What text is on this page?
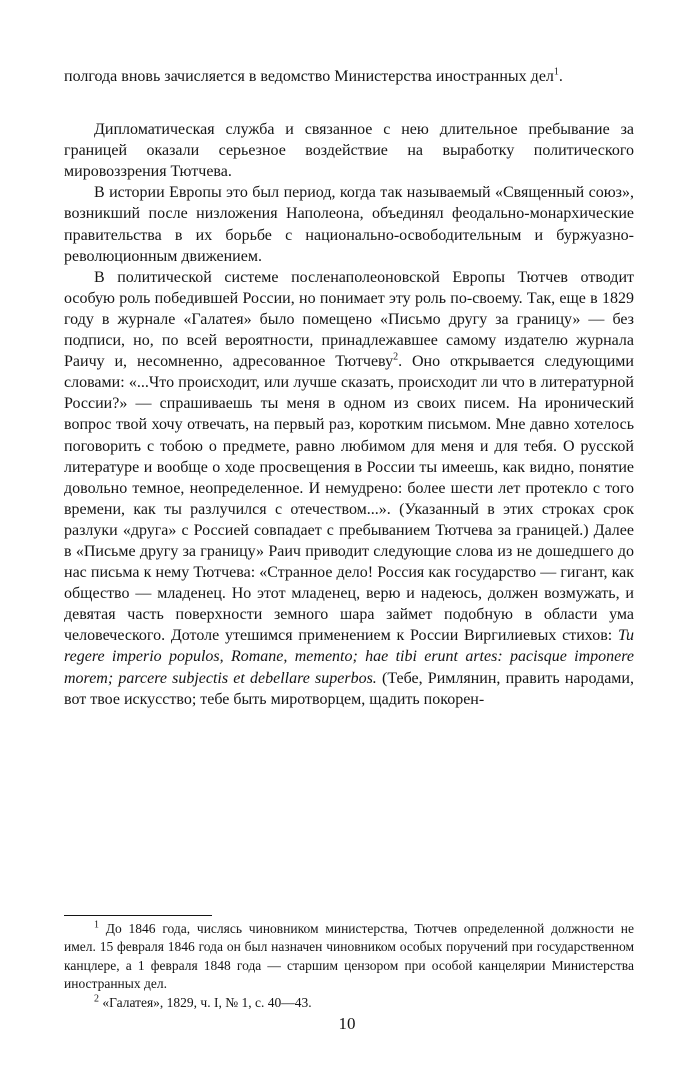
полгода вновь зачисляется в ведомство Министерства иностранных дел$^1$.

Дипломатическая служба и связанное с нею длительное пребывание за границей оказали серьезное воздействие на выработку политического мировоззрения Тютчева.

В истории Европы это был период, когда так называемый «Священный союз», возникший после низложения Наполеона, объединял феодально-монархические правительства в их борьбе с национально-освободительным и буржуазно-революционным движением.

В политической системе посленаполеоновской Европы Тютчев отводит особую роль победившей России, но понимает эту роль по-своему. Так, еще в 1829 году в журнале «Галатея» было помещено «Письмо другу за границу» — без подписи, но, по всей вероятности, принадлежавшее самому издателю журнала Раичу и, несомненно, адресованное Тютчеву$^2$. Оно открывается следующими словами: «...Что происходит, или лучше сказать, происходит ли что в литературной России?» — спрашиваешь ты меня в одном из своих писем. На иронический вопрос твой хочу отвечать, на первый раз, коротким письмом. Мне давно хотелось поговорить с тобою о предмете, равно любимом для меня и для тебя. О русской литературе и вообще о ходе просвещения в России ты имеешь, как видно, понятие довольно темное, неопределенное. И немудрено: более шести лет протекло с того времени, как ты разлучился с отечеством...». (Указанный в этих строках срок разлуки «друга» с Россией совпадает с пребыванием Тютчева за границей.) Далее в «Письме другу за границу» Раич приводит следующие слова из не дошедшего до нас письма к нему Тютчева: «Странное дело! Россия как государство — гигант, как общество — младенец. Но этот младенец, верю и надеюсь, должен возмужать, и девятая часть поверхности земного шара займет подобную в области ума человеческого. Дотоле утешимся применением к России Виргилиевых стихов: Tu regere imperio populos, Romane, memento; hae tibi erunt artes: pacisque imponere morem; parcere subjectis et debellare superbos. (Тебе, Римлянин, править народами, вот твое искусство; тебе быть миротворцем, щадить покорен-

$^1$ До 1846 года, числясь чиновником министерства, Тютчев определенной должности не имел. 15 февраля 1846 года он был назначен чиновником особых поручений при государственном канцлере, а 1 февраля 1848 года — старшим цензором при особой канцелярии Министерства иностранных дел.

$^2$ «Галатея», 1829, ч. I, № 1, с. 40—43.

10
